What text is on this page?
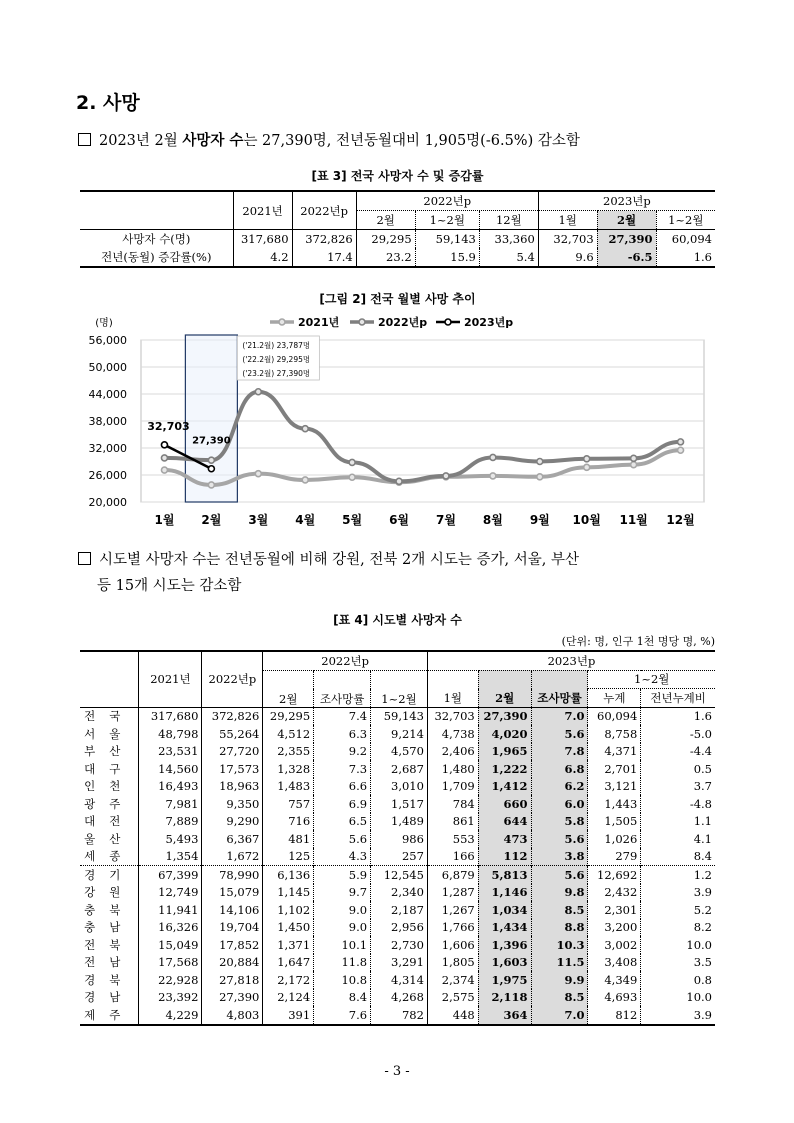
2. 사망
2023년 2월 사망자 수는 27,390명, 전년동월대비 1,905명(-6.5%) 감소함
[표 3] 전국 사망자 수 및 증감률
	2021년	2022년p	2022년p			2023년p		
			2월	1~2월	12월	1월	2월	1~2월
사망자 수(명)	317,680	372,826	29,295	59,143	33,360	32,703	27,390	60,094
전년(동월) 증감률(%)	4.2	17.4	23.2	15.9	5.4	9.6	-6.5	1.6
[그림 2] 전국 월별 사망 추이
56,000
50,000
44,000
38,000
32,000
26,000
20,000
(명)
1월 2월 3월 4월 5월 6월 7월 8월 9월 10월 11월 12월
32,703
27,390
('21.2월) 23,787명
('22.2월) 29,295명
('23.2월) 27,390명
2021년	2022년p	2023년p
시도별 사망자 수는 전년동월에 비해 강원, 전북 2개 시도는 증가, 서울, 부산
등 15개 시도는 감소함
[표 4] 시도별 사망자 수
(단위: 명, 인구 1천 명당 명, %)
	2021년	2022년p	2022년p			2023년p				
			2월	조사망률	1~2월				1~2월	
						1월	2월	조사망률	누계	전년누계비
전국	317,680	372,826	29,295	7.4	59,143	32,703	27,390	7.0	60,094	1.6
서울	48,798	55,264	4,512	6.3	9,214	4,738	4,020	5.6	8,758	-5.0
부산	23,531	27,720	2,355	9.2	4,570	2,406	1,965	7.8	4,371	-4.4
대구	14,560	17,573	1,328	7.3	2,687	1,480	1,222	6.8	2,701	0.5
인천	16,493	18,963	1,483	6.6	3,010	1,709	1,412	6.2	3,121	3.7
광주	7,981	9,350	757	6.9	1,517	784	660	6.0	1,443	-4.8
대전	7,889	9,290	716	6.5	1,489	861	644	5.8	1,505	1.1
울산	5,493	6,367	481	5.6	986	553	473	5.6	1,026	4.1
세종	1,354	1,672	125	4.3	257	166	112	3.8	279	8.4
경기	67,399	78,990	6,136	5.9	12,545	6,879	5,813	5.6	12,692	1.2
강원	12,749	15,079	1,145	9.7	2,340	1,287	1,146	9.8	2,432	3.9
충북	11,941	14,106	1,102	9.0	2,187	1,267	1,034	8.5	2,301	5.2
충남	16,326	19,704	1,450	9.0	2,956	1,766	1,434	8.8	3,200	8.2
전북	15,049	17,852	1,371	10.1	2,730	1,606	1,396	10.3	3,002	10.0
전남	17,568	20,884	1,647	11.8	3,291	1,805	1,603	11.5	3,408	3.5
경북	22,928	27,818	2,172	10.8	4,314	2,374	1,975	9.9	4,349	0.8
경남	23,392	27,390	2,124	8.4	4,268	2,575	2,118	8.5	4,693	10.0
제주	4,229	4,803	391	7.6	782	448	364	7.0	812	3.9
- 3 -
